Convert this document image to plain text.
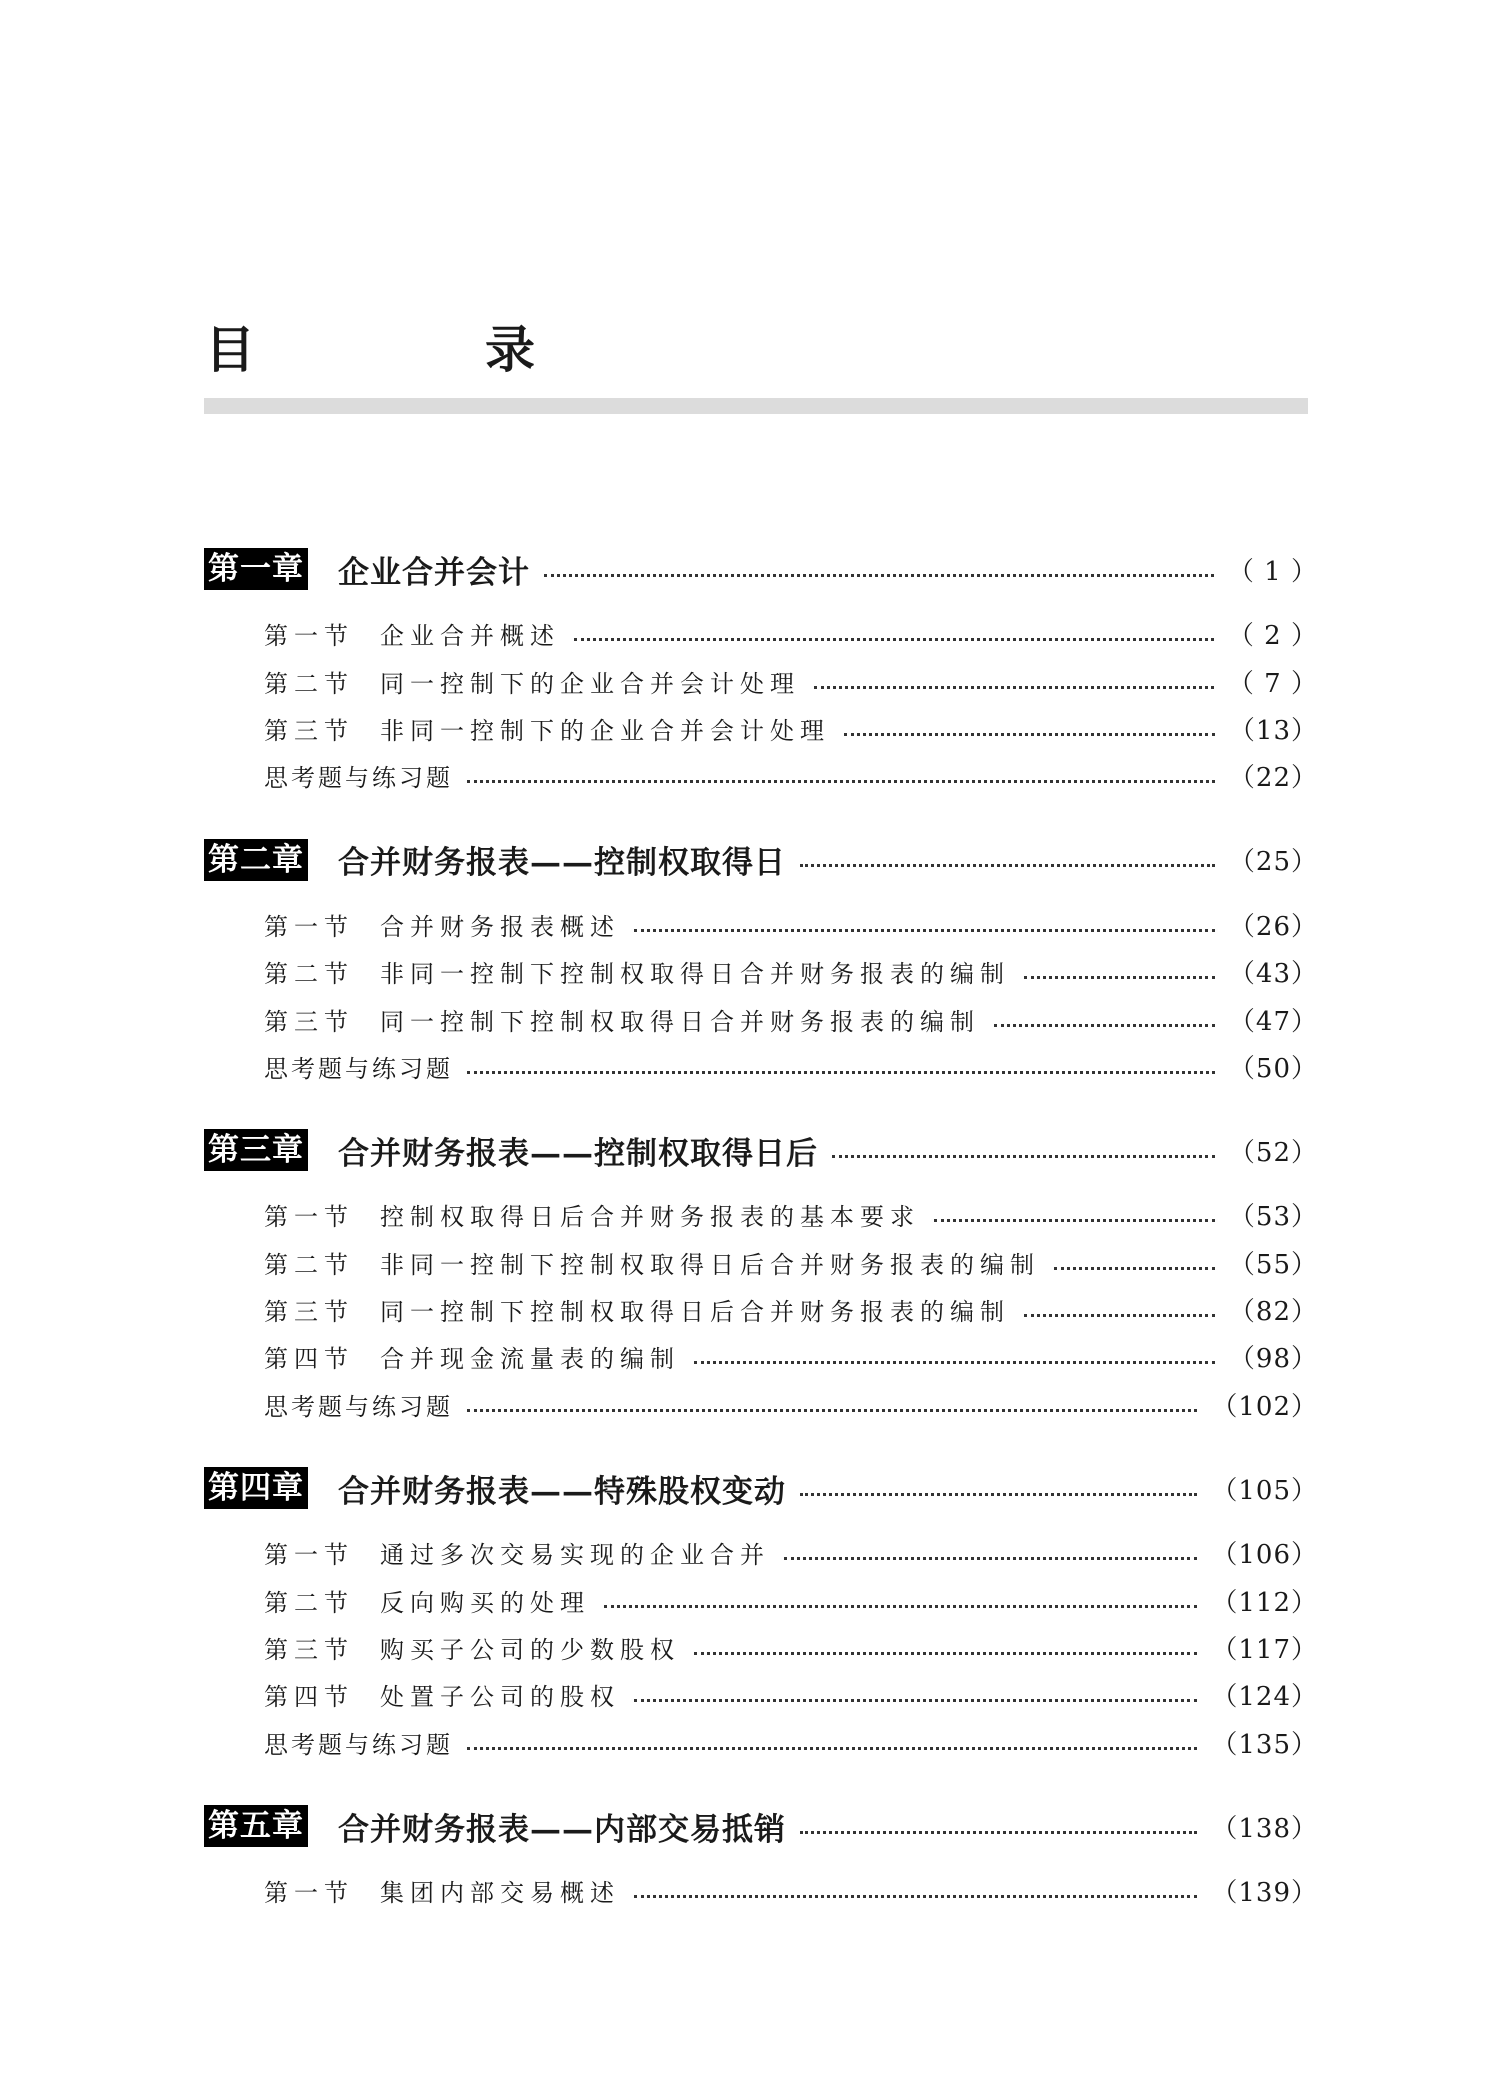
目　录
第一章 企业合并会计	（ 1 ）
第一节	企业合并概述	（ 2 ）
第二节	同一控制下的企业合并会计处理	（ 7 ）
第三节	非同一控制下的企业合并会计处理	（13）
思考题与练习题	（22）
第二章 合并财务报表——控制权取得日	（25）
第一节	合并财务报表概述	（26）
第二节	非同一控制下控制权取得日合并财务报表的编制	（43）
第三节	同一控制下控制权取得日合并财务报表的编制	（47）
思考题与练习题	（50）
第三章 合并财务报表——控制权取得日后	（52）
第一节	控制权取得日后合并财务报表的基本要求	（53）
第二节	非同一控制下控制权取得日后合并财务报表的编制	（55）
第三节	同一控制下控制权取得日后合并财务报表的编制	（82）
第四节	合并现金流量表的编制	（98）
思考题与练习题	（102）
第四章 合并财务报表——特殊股权变动	（105）
第一节	通过多次交易实现的企业合并	（106）
第二节	反向购买的处理	（112）
第三节	购买子公司的少数股权	（117）
第四节	处置子公司的股权	（124）
思考题与练习题	（135）
第五章 合并财务报表——内部交易抵销	（138）
第一节	集团内部交易概述	（139）
